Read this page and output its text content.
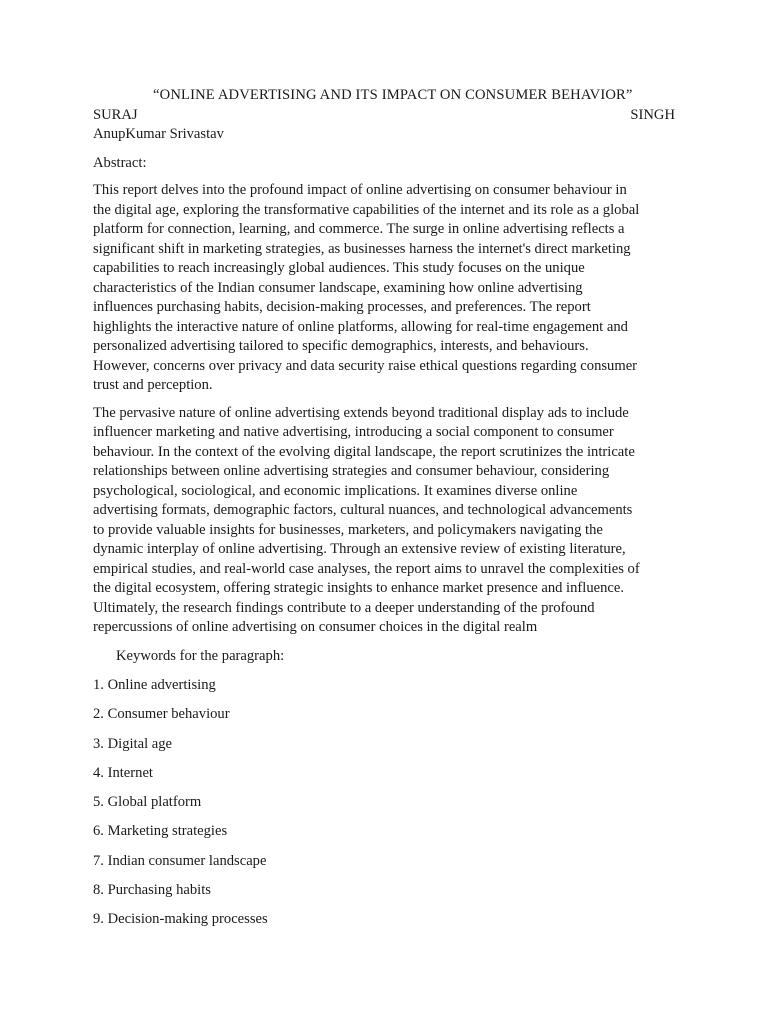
“ONLINE ADVERTISING AND ITS IMPACT ON CONSUMER BEHAVIOR”
SURAJ	SINGH
AnupKumar Srivastav
Abstract:
This report delves into the profound impact of online advertising on consumer behaviour in
the digital age, exploring the transformative capabilities of the internet and its role as a global
platform for connection, learning, and commerce. The surge in online advertising reflects a
significant shift in marketing strategies, as businesses harness the internet's direct marketing
capabilities to reach increasingly global audiences. This study focuses on the unique
characteristics of the Indian consumer landscape, examining how online advertising
influences purchasing habits, decision-making processes, and preferences. The report
highlights the interactive nature of online platforms, allowing for real-time engagement and
personalized advertising tailored to specific demographics, interests, and behaviours.
However, concerns over privacy and data security raise ethical questions regarding consumer
trust and perception.
The pervasive nature of online advertising extends beyond traditional display ads to include
influencer marketing and native advertising, introducing a social component to consumer
behaviour. In the context of the evolving digital landscape, the report scrutinizes the intricate
relationships between online advertising strategies and consumer behaviour, considering
psychological, sociological, and economic implications. It examines diverse online
advertising formats, demographic factors, cultural nuances, and technological advancements
to provide valuable insights for businesses, marketers, and policymakers navigating the
dynamic interplay of online advertising. Through an extensive review of existing literature,
empirical studies, and real-world case analyses, the report aims to unravel the complexities of
the digital ecosystem, offering strategic insights to enhance market presence and influence.
Ultimately, the research findings contribute to a deeper understanding of the profound
repercussions of online advertising on consumer choices in the digital realm
Keywords for the paragraph:
1. Online advertising
2. Consumer behaviour
3. Digital age
4. Internet
5. Global platform
6. Marketing strategies
7. Indian consumer landscape
8. Purchasing habits
9. Decision-making processes
